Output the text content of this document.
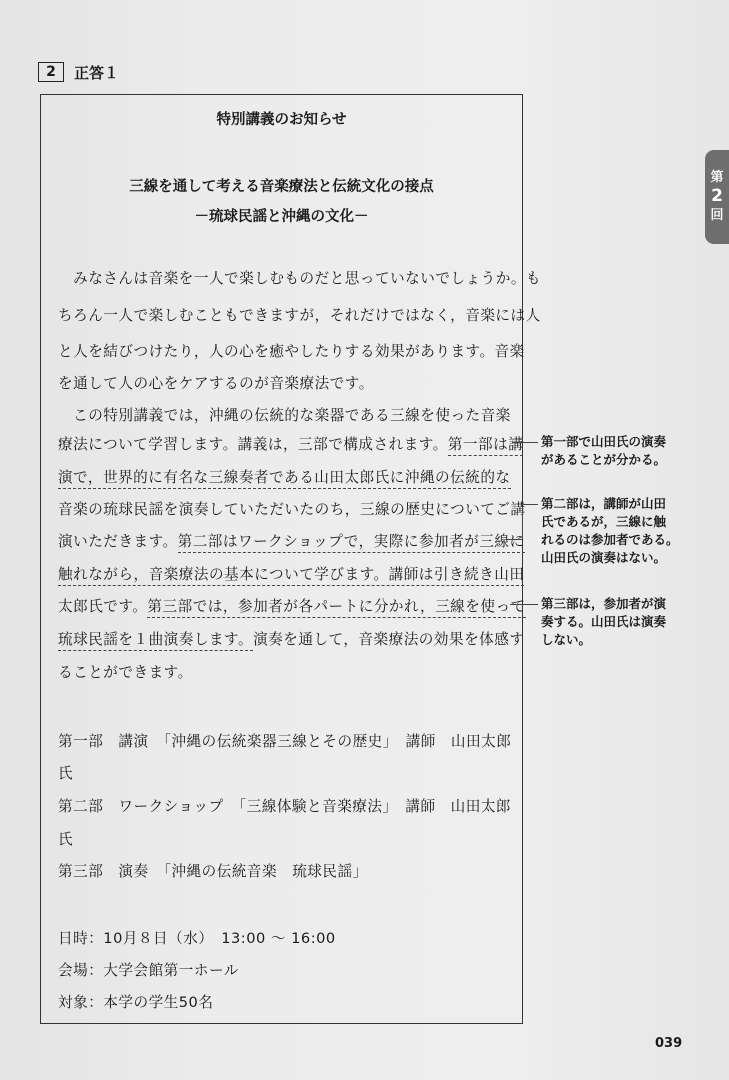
2	正答１
第
2
回
特別講義のお知らせ
－琉球民謡と沖縄の文化－
三線を通して考える音楽療法と伝統文化の接点
　みなさんは音楽を一人で楽しむものだと思っていないでしょうか。も
ちろん一人で楽しむこともできますが，それだけではなく，音楽には人
と人を結びつけたり，人の心を癒やしたりする効果があります。音楽
を通して人の心をケアするのが音楽療法です。
　この特別講義では，沖縄の伝統的な楽器である三線を使った音楽
療法について学習します。講義は，三部で構成されます。第一部は講
演で，世界的に有名な三線奏者である山田太郎氏に沖縄の伝統的な
音楽の琉球民謡を演奏していただいたのち，三線の歴史についてご講
演いただきます。第二部はワークショップで，実際に参加者が三線に
触れながら，音楽療法の基本について学びます。講師は引き続き山田
太郎氏です。第三部では，参加者が各パートに分かれ，三線を使って
琉球民謡を１曲演奏します。演奏を通して，音楽療法の効果を体感す
ることができます。
第一部　講演　「沖縄の伝統楽器三線とその歴史」　講師　山田太郎
氏
第二部　ワークショップ　「三線体験と音楽療法」　講師　山田太郎
氏
第三部　演奏　「沖縄の伝統音楽　琉球民謡」
日時：10月８日（水）　13:00 ～ 16:00
会場：大学会館第一ホール
対象：本学の学生50名
第一部で山田氏の演奏
があることが分かる。
第二部は，講師が山田
氏であるが，三線に触
れるのは参加者である。
山田氏の演奏はない。
第三部は，参加者が演
奏する。山田氏は演奏
しない。
039
